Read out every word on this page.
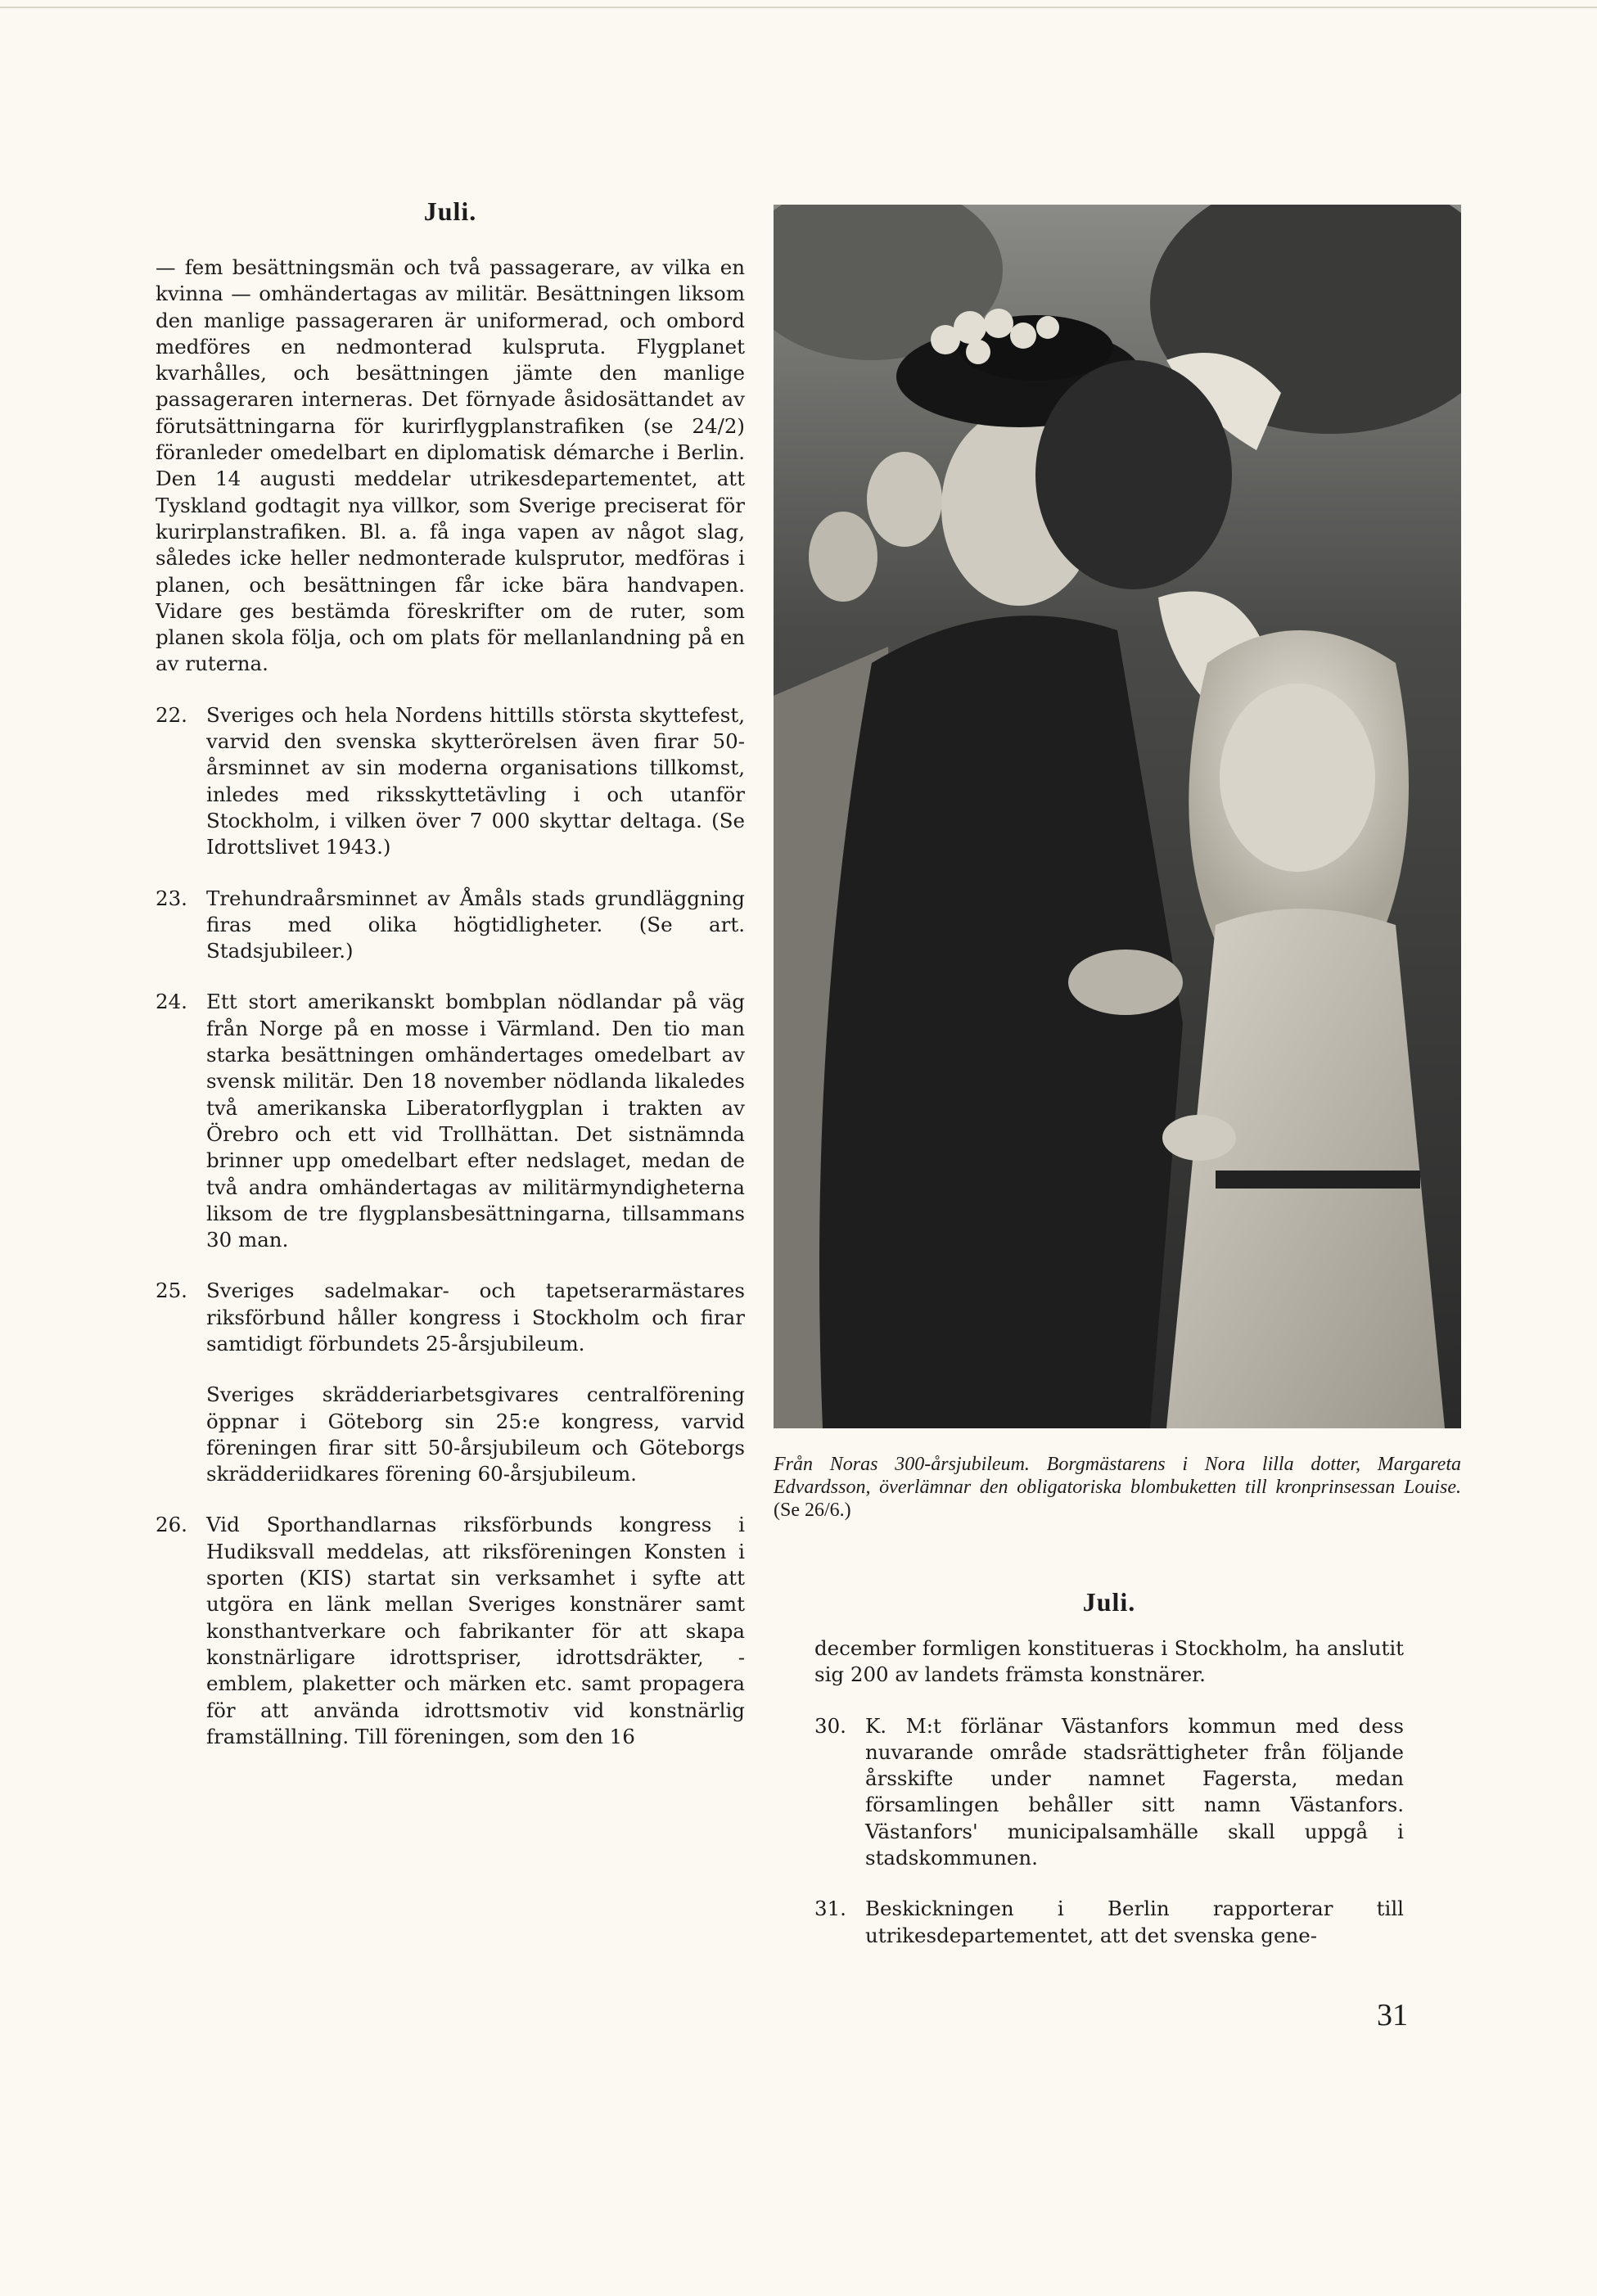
Juli.

— fem besättningsmän och två passagerare, av vilka en kvinna — omhändertagas av militär. Besättningen liksom den manlige passageraren är uniformerad, och ombord medföres en nedmonterad kulspruta. Flygplanet kvarhålles, och besättningen jämte den manlige passageraren interneras. Det förnyade åsidosättandet av förutsättningarna för kurirflygplanstrafiken (se 24/2) föranleder omedelbart en diplomatisk démarche i Berlin. Den 14 augusti meddelar utrikesdepartementet, att Tyskland godtagit nya villkor, som Sverige preciserat för kurirplanstrafiken. Bl. a. få inga vapen av något slag, således icke heller nedmonterade kulsprutor, medföras i planen, och besättningen får icke bära handvapen. Vidare ges bestämda föreskrifter om de ruter, som planen skola följa, och om plats för mellanlandning på en av ruterna.

22. Sveriges och hela Nordens hittills största skyttefest, varvid den svenska skytterörelsen även firar 50-årsminnet av sin moderna organisations tillkomst, inledes med riksskyttetävling i och utanför Stockholm, i vilken över 7 000 skyttar deltaga. (Se Idrottslivet 1943.)
23. Trehundraårsminnet av Åmåls stads grundläggning firas med olika högtidligheter. (Se art. Stadsjubileer.)
24. Ett stort amerikanskt bombplan nödlandar på väg från Norge på en mosse i Värmland. Den tio man starka besättningen omhändertages omedelbart av svensk militär. Den 18 november nödlanda likaledes två amerikanska Liberatorflygplan i trakten av Örebro och ett vid Trollhättan. Det sistnämnda brinner upp omedelbart efter nedslaget, medan de två andra omhändertagas av militärmyndigheterna liksom de tre flygplansbesättningarna, tillsammans 30 man.
25. Sveriges sadelmakar- och tapetserarmästares riksförbund håller kongress i Stockholm och firar samtidigt förbundets 25-årsjubileum.
Sveriges skrädderiarbetsgivares centralförening öppnar i Göteborg sin 25:e kongress, varvid föreningen firar sitt 50-årsjubileum och Göteborgs skrädderiidkares förening 60-årsjubileum.
26. Vid Sporthandlarnas riksförbunds kongress i Hudiksvall meddelas, att riksföreningen Konsten i sporten (KIS) startat sin verksamhet i syfte att utgöra en länk mellan Sveriges konstnärer samt konsthantverkare och fabrikanter för att skapa konstnärligare idrottspriser, idrottsdräkter, -emblem, plaketter och märken etc. samt propagera för att använda idrottsmotiv vid konstnärlig framställning. Till föreningen, som den 16

Från Noras 300-årsjubileum. Borgmästarens i Nora lilla dotter, Margareta Edvardsson, överlämnar den obligatoriska blombuketten till kronprinsessan Louise. (Se 26/6.)

Juli.

december formligen konstitueras i Stockholm, ha anslutit sig 200 av landets främsta konstnärer.

30. K. M:t förlänar Västanfors kommun med dess nuvarande område stadsrättigheter från följande årsskifte under namnet Fagersta, medan församlingen behåller sitt namn Västanfors. Västanfors' municipalsamhälle skall uppgå i stadskommunen.
31. Beskickningen i Berlin rapporterar till utrikesdepartementet, att det svenska gene-
31
